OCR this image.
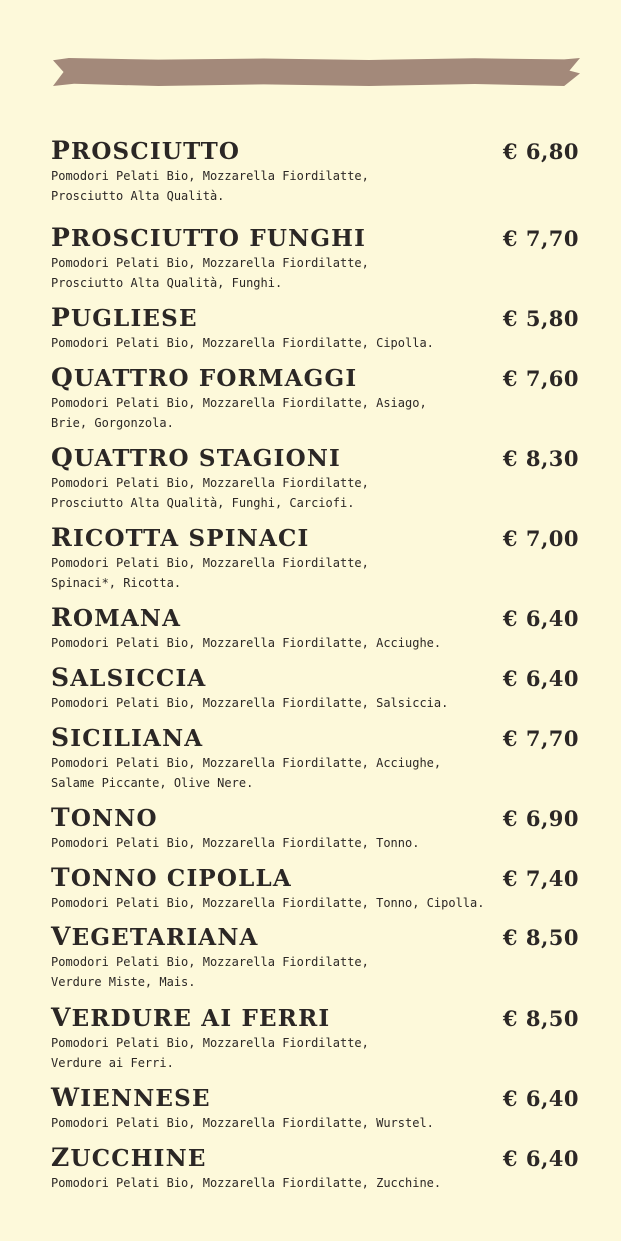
PROSCIUTTO	€ 6,80
Pomodori Pelati Bio, Mozzarella Fiordilatte,
Prosciutto Alta Qualità.
PROSCIUTTO FUNGHI	€ 7,70
Pomodori Pelati Bio, Mozzarella Fiordilatte,
Prosciutto Alta Qualità, Funghi.
PUGLIESE	€ 5,80
Pomodori Pelati Bio, Mozzarella Fiordilatte, Cipolla.
QUATTRO FORMAGGI	€ 7,60
Pomodori Pelati Bio, Mozzarella Fiordilatte, Asiago,
Brie, Gorgonzola.
QUATTRO STAGIONI	€ 8,30
Pomodori Pelati Bio, Mozzarella Fiordilatte,
Prosciutto Alta Qualità, Funghi, Carciofi.
RICOTTA SPINACI	€ 7,00
Pomodori Pelati Bio, Mozzarella Fiordilatte,
Spinaci*, Ricotta.
ROMANA	€ 6,40
Pomodori Pelati Bio, Mozzarella Fiordilatte, Acciughe.
SALSICCIA	€ 6,40
Pomodori Pelati Bio, Mozzarella Fiordilatte, Salsiccia.
SICILIANA	€ 7,70
Pomodori Pelati Bio, Mozzarella Fiordilatte, Acciughe,
Salame Piccante, Olive Nere.
TONNO	€ 6,90
Pomodori Pelati Bio, Mozzarella Fiordilatte, Tonno.
TONNO CIPOLLA	€ 7,40
Pomodori Pelati Bio, Mozzarella Fiordilatte, Tonno, Cipolla.
VEGETARIANA	€ 8,50
Pomodori Pelati Bio, Mozzarella Fiordilatte,
Verdure Miste, Mais.
VERDURE AI FERRI	€ 8,50
Pomodori Pelati Bio, Mozzarella Fiordilatte,
Verdure ai Ferri.
WIENNESE	€ 6,40
Pomodori Pelati Bio, Mozzarella Fiordilatte, Wurstel.
ZUCCHINE	€ 6,40
Pomodori Pelati Bio, Mozzarella Fiordilatte, Zucchine.
